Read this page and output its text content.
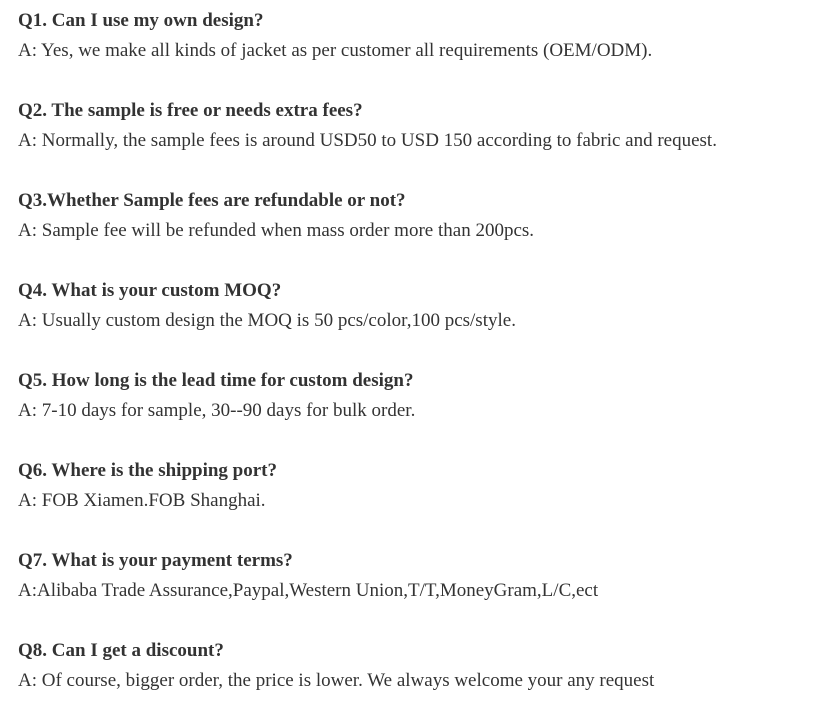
Q1. Can I use my own design?
A: Yes, we make all kinds of jacket as per customer all requirements (OEM/ODM).
Q2. The sample is free or needs extra fees?
A: Normally, the sample fees is around USD50 to USD 150 according to fabric and request.
Q3.Whether Sample fees are refundable or not?
A: Sample fee will be refunded when mass order more than 200pcs.
Q4. What is your custom MOQ?
A: Usually custom design the MOQ is 50 pcs/color,100 pcs/style.
Q5. How long is the lead time for custom design?
A: 7-10 days for sample, 30--90 days for bulk order.
Q6. Where is the shipping port?
A: FOB Xiamen.FOB Shanghai.
Q7. What is your payment terms?
A:Alibaba Trade Assurance,Paypal,Western Union,T/T,MoneyGram,L/C,ect
Q8. Can I get a discount?
A: Of course, bigger order, the price is lower. We always welcome your any request
